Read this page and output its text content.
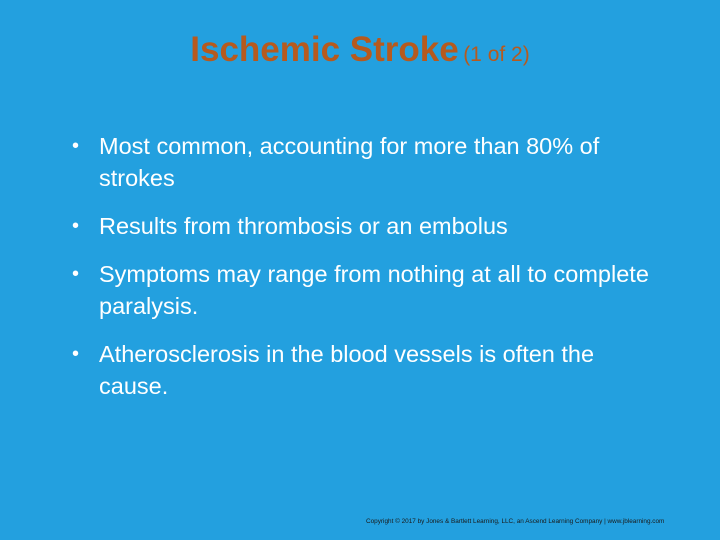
Ischemic Stroke (1 of 2)
• Most common, accounting for more than 80% of strokes
• Results from thrombosis or an embolus
• Symptoms may range from nothing at all to complete paralysis.
• Atherosclerosis in the blood vessels is often the cause.
Copyright © 2017 by Jones & Bartlett Learning, LLC, an Ascend Learning Company | www.jblearning.com
